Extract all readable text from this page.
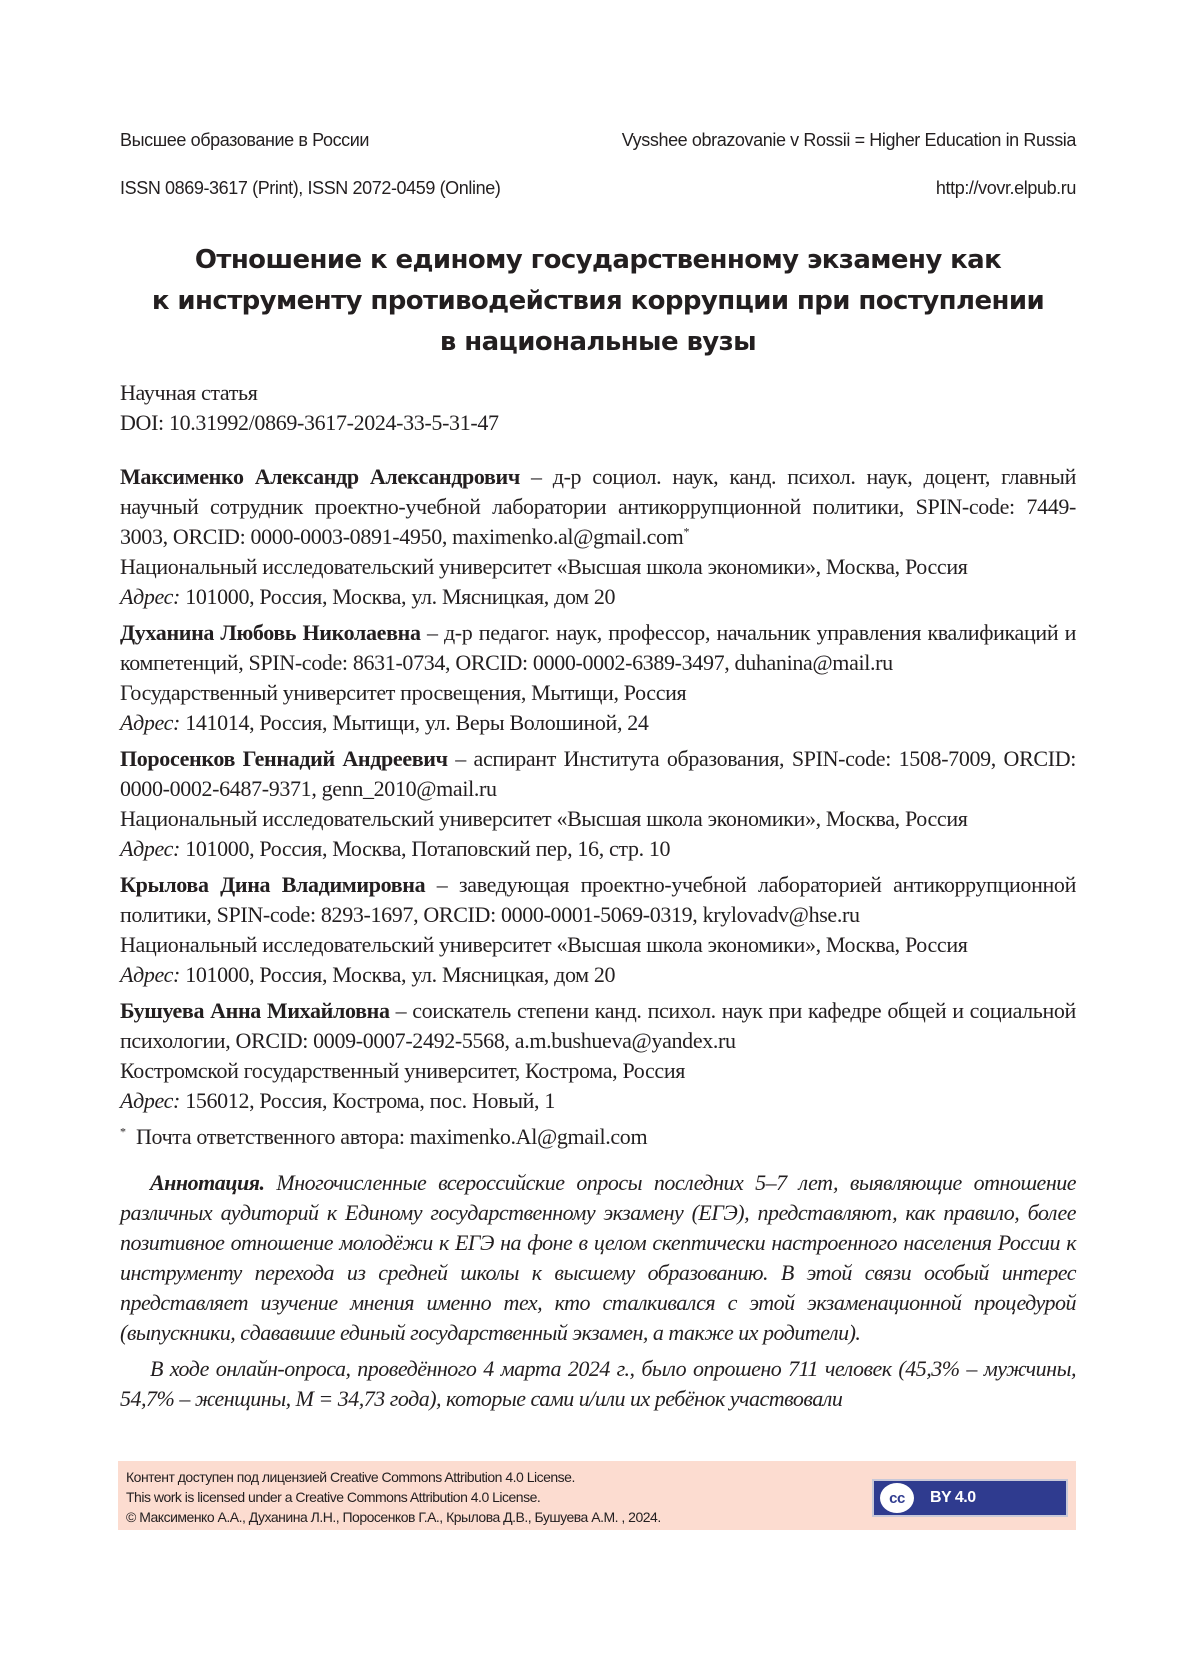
Высшее образование в России	Vysshee obrazovanie v Rossii = Higher Education in Russia
ISSN 0869-3617 (Print), ISSN 2072-0459 (Online)	http://vovr.elpub.ru
Отношение к единому государственному экзамену как
к инструменту противодействия коррупции при поступлении
в национальные вузы
Научная статья
DOI: 10.31992/0869-3617-2024-33-5-31-47

Максименко Александр Александрович – д-р социол. наук, канд. психол. наук, доцент, главный научный сотрудник проектно-учебной лаборатории антикоррупционной политики, SPIN-code: 7449-3003, ORCID: 0000-0003-0891-4950, maximenko.al@gmail.com*

Национальный исследовательский университет «Высшая школа экономики», Москва, Россия
Адрес: 101000, Россия, Москва, ул. Мясницкая, дом 20

Духанина Любовь Николаевна – д-р педагог. наук, профессор, начальник управления квалификаций и компетенций, SPIN-code: 8631-0734, ORCID: 0000-0002-6389-3497, duhanina@mail.ru

Государственный университет просвещения, Мытищи, Россия
Адрес: 141014, Россия, Мытищи, ул. Веры Волошиной, 24

Поросенков Геннадий Андреевич – аспирант Института образования, SPIN-code: 1508-7009, ORCID: 0000-0002-6487-9371, genn_2010@mail.ru

Национальный исследовательский университет «Высшая школа экономики», Москва, Россия
Адрес: 101000, Россия, Москва, Потаповский пер, 16, стр. 10

Крылова Дина Владимировна – заведующая проектно-учебной лабораторией антикоррупционной политики, SPIN-code: 8293-1697, ORCID: 0000-0001-5069-0319, krylovadv@hse.ru

Национальный исследовательский университет «Высшая школа экономики», Москва, Россия
Адрес: 101000, Россия, Москва, ул. Мясницкая, дом 20

Бушуева Анна Михайловна – соискатель степени канд. психол. наук при кафедре общей и социальной психологии, ORCID: 0009-0007-2492-5568, a.m.bushueva@yandex.ru

Костромской государственный университет, Кострома, Россия
Адрес: 156012, Россия, Кострома, пос. Новый, 1
* Почта ответственного автора: maximenko.Al@gmail.com

Аннотация. Многочисленные всероссийские опросы последних 5–7 лет, выявляющие отношение различных аудиторий к Единому государственному экзамену (ЕГЭ), представляют, как правило, более позитивное отношение молодёжи к ЕГЭ на фоне в целом скептически настроенного населения России к инструменту перехода из средней школы к высшему образованию. В этой связи особый интерес представляет изучение мнения именно тех, кто сталкивался с этой экзаменационной процедурой (выпускники, сдававшие единый государственный экзамен, а также их родители).

В ходе онлайн-опроса, проведённого 4 марта 2024 г., было опрошено 711 человек (45,3% – мужчины, 54,7% – женщины, M = 34,73 года), которые сами и/или их ребёнок участвовали

Контент доступен под лицензией Creative Commons Attribution 4.0 License.
This work is licensed under a Creative Commons Attribution 4.0 License.
© Максименко А.А., Духанина Л.Н., Поросенков Г.А., Крылова Д.В., Бушуева А.М. , 2024.
cc	BY 4.0
